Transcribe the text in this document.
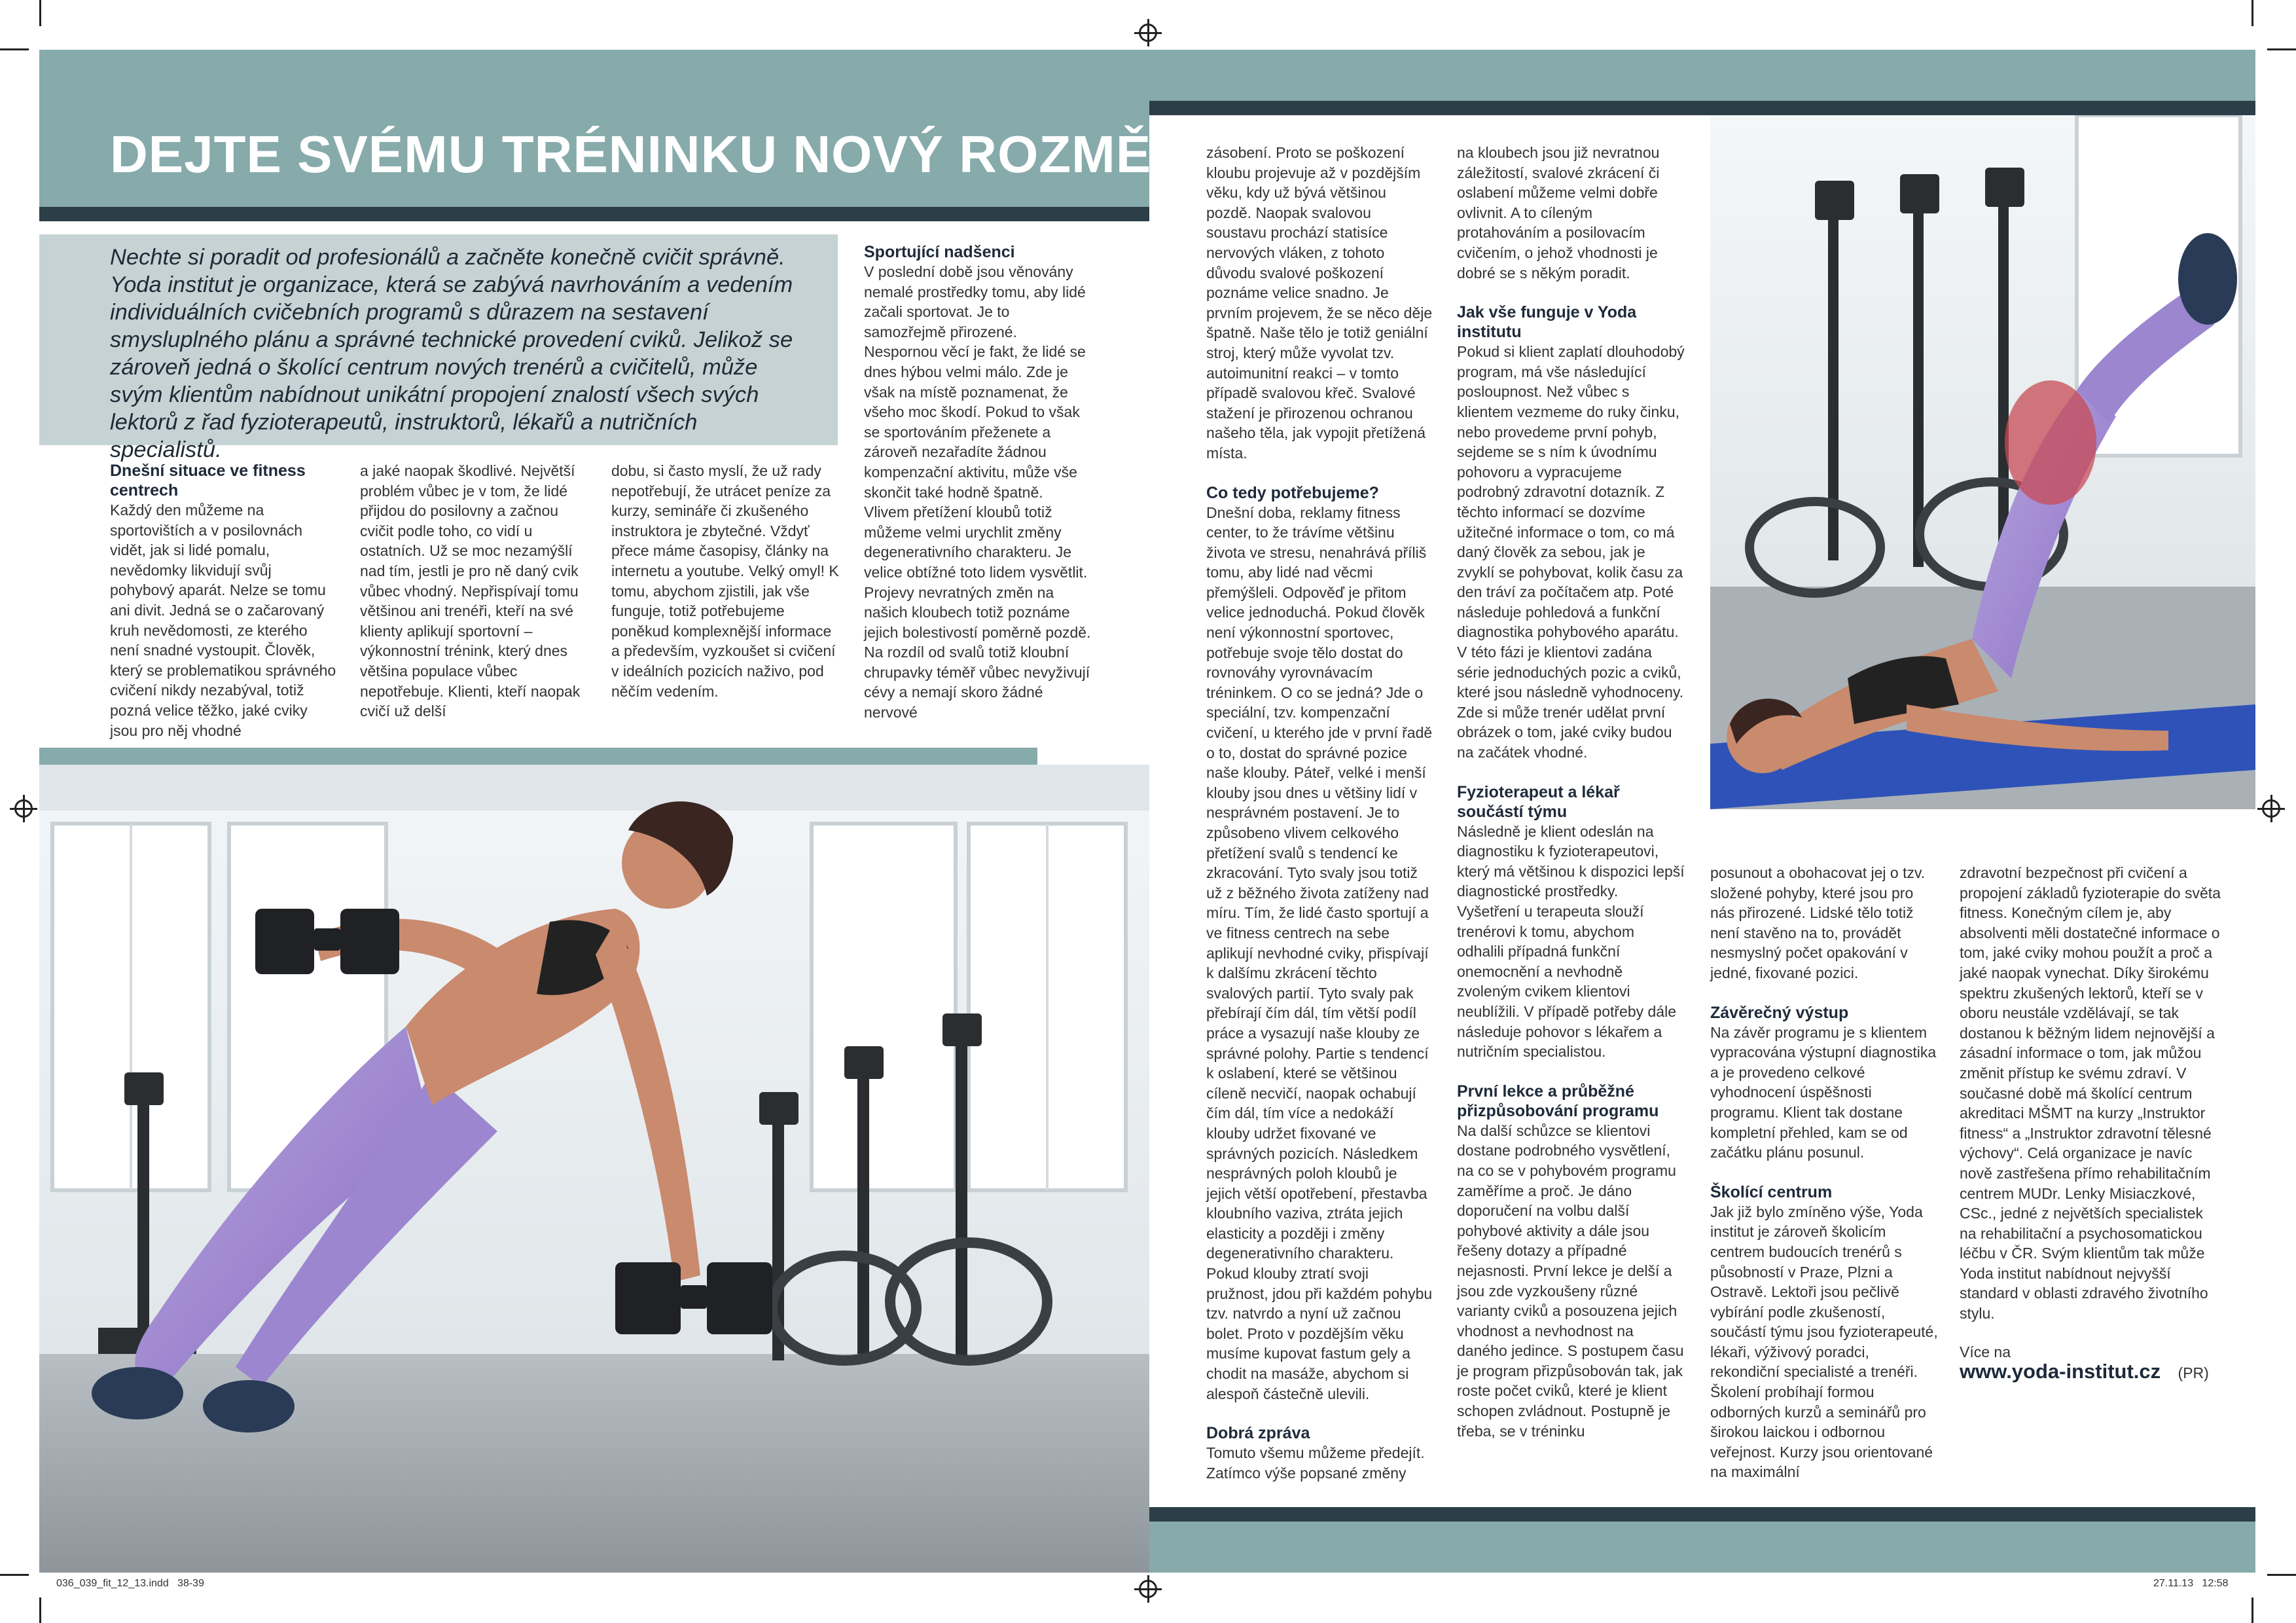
DEJTE SVÉMU TRÉNINKU NOVÝ ROZMĚR

Nechte si poradit od profesionálů a začněte konečně cvičit správně. Yoda institut je organizace, která se zabývá navrhováním a vedením individuálních cvičebních programů s důrazem na sestavení smysluplného plánu a správné technické provedení cviků. Jelikož se zároveň jedná o školící centrum nových trenérů a cvičitelů, může svým klientům nabídnout unikátní propojení znalostí všech svých lektorů z řad fyzioterapeutů, instruktorů, lékařů a nutričních specialistů.

Dnešní situace ve fitness centrech

Každý den můžeme na sportovištích a v posilovnách vidět, jak si lidé pomalu, nevědomky likvidují svůj pohybový aparát. Nelze se tomu ani divit. Jedná se o začarovaný kruh nevědomosti, ze kterého není snadné vystoupit. Člověk, který se problematikou správného cvičení nikdy nezabýval, totiž pozná velice těžko, jaké cviky jsou pro něj vhodné

a jaké naopak škodlivé. Největší problém vůbec je v tom, že lidé přijdou do posilovny a začnou cvičit podle toho, co vidí u ostatních. Už se moc nezamýšlí nad tím, jestli je pro ně daný cvik vůbec vhodný. Nepřispívají tomu většinou ani trenéři, kteří na své klienty aplikují sportovní – výkonnostní trénink, který dnes většina populace vůbec nepotřebuje. Klienti, kteří naopak cvičí už delší

dobu, si často myslí, že už rady nepotřebují, že utrácet peníze za kurzy, semináře či zkušeného instruktora je zbytečné. Vždyť přece máme časopisy, články na internetu a youtube. Velký omyl! K tomu, abychom zjistili, jak vše funguje, totiž potřebujeme poněkud komplexnější informace a především, vyzkoušet si cvičení v ideálních pozicích naživo, pod něčím vedením.

Sportující nadšenci

V poslední době jsou věnovány nemalé prostředky tomu, aby lidé začali sportovat. Je to samozřejmě přirozené. Nespornou věcí je fakt, že lidé se dnes hýbou velmi málo. Zde je však na místě poznamenat, že všeho moc škodí. Pokud to však se sportováním přeženete a zároveň nezařadíte žádnou kompenzační aktivitu, může vše skončit také hodně špatně. Vlivem přetížení kloubů totiž můžeme velmi urychlit změny degenerativního charakteru. Je velice obtížné toto lidem vysvětlit. Projevy nevratných změn na našich kloubech totiž poznáme jejich bolestivostí poměrně pozdě. Na rozdíl od svalů totiž kloubní chrupavky téměř vůbec nevyživují cévy a nemají skoro žádné nervové

zásobení. Proto se poškození kloubu projevuje až v pozdějším věku, kdy už bývá většinou pozdě. Naopak svalovou soustavu prochází statisíce nervových vláken, z tohoto důvodu svalové poškození poznáme velice snadno. Je prvním projevem, že se něco děje špatně. Naše tělo je totiž geniální stroj, který může vyvolat tzv. autoimunitní reakci – v tomto případě svalovou křeč. Svalové stažení je přirozenou ochranou našeho těla, jak vypojit přetížená místa.

Co tedy potřebujeme?

Dnešní doba, reklamy fitness center, to že trávíme většinu života ve stresu, nenahrává příliš tomu, aby lidé nad věcmi přemýšleli. Odpověď je přitom velice jednoduchá. Pokud člověk není výkonnostní sportovec, potřebuje svoje tělo dostat do rovnováhy vyrovnávacím tréninkem. O co se jedná? Jde o speciální, tzv. kompenzační cvičení, u kterého jde v první řadě o to, dostat do správné pozice naše klouby. Páteř, velké i menší klouby jsou dnes u většiny lidí v nesprávném postavení. Je to způsobeno vlivem celkového přetížení svalů s tendencí ke zkracování. Tyto svaly jsou totiž už z běžného života zatíženy nad míru. Tím, že lidé často sportují a ve fitness centrech na sebe aplikují nevhodné cviky, přispívají k dalšímu zkrácení těchto svalových partií. Tyto svaly pak přebírají čím dál, tím větší podíl práce a vysazují naše klouby ze správné polohy. Partie s tendencí k oslabení, které se většinou cíleně necvičí, naopak ochabují čím dál, tím více a nedokáží klouby udržet fixované ve správných pozicích. Následkem nesprávných poloh kloubů je jejich větší opotřebení, přestavba kloubního vaziva, ztráta jejich elasticity a později i změny degenerativního charakteru. Pokud klouby ztratí svoji pružnost, jdou při každém pohybu tzv. natvrdo a nyní už začnou bolet. Proto v pozdějším věku musíme kupovat fastum gely a chodit na masáže, abychom si alespoň částečně ulevili.

Dobrá zpráva

Tomuto všemu můžeme předejít. Zatímco výše popsané změny

na kloubech jsou již nevratnou záležitostí, svalové zkrácení či oslabení můžeme velmi dobře ovlivnit. A to cíleným protahováním a posilovacím cvičením, o jehož vhodnosti je dobré se s někým poradit.

Jak vše funguje v Yoda institutu

Pokud si klient zaplatí dlouhodobý program, má vše následující posloupnost. Než vůbec s klientem vezmeme do ruky činku, nebo provedeme první pohyb, sejdeme se s ním k úvodnímu pohovoru a vypracujeme podrobný zdravotní dotazník. Z těchto informací se dozvíme užitečné informace o tom, co má daný člověk za sebou, jak je zvyklí se pohybovat, kolik času za den tráví za počítačem atp. Poté následuje pohledová a funkční diagnostika pohybového aparátu. V této fázi je klientovi zadána série jednoduchých pozic a cviků, které jsou následně vyhodnoceny. Zde si může trenér udělat první obrázek o tom, jaké cviky budou na začátek vhodné.

Fyzioterapeut a lékař součástí týmu

Následně je klient odeslán na diagnostiku k fyzioterapeutovi, který má většinou k dispozici lepší diagnostické prostředky. Vyšetření u terapeuta slouží trenérovi k tomu, abychom odhalili případná funkční onemocnění a nevhodně zvoleným cvikem klientovi neublížili. V případě potřeby dále následuje pohovor s lékařem a nutričním specialistou.

První lekce a průběžné přizpůsobování programu

Na další schůzce se klientovi dostane podrobného vysvětlení, na co se v pohybovém programu zaměříme a proč. Je dáno doporučení na volbu další pohybové aktivity a dále jsou řešeny dotazy a případné nejasnosti. První lekce je delší a jsou zde vyzkoušeny různé varianty cviků a posouzena jejich vhodnost a nevhodnost na daného jedince. S postupem času je program přizpůsobován tak, jak roste počet cviků, které je klient schopen zvládnout. Postupně je třeba, se v tréninku

posunout a obohacovat jej o tzv. složené pohyby, které jsou pro nás přirozené. Lidské tělo totiž není stavěno na to, provádět nesmyslný počet opakování v jedné, fixované pozici.

Závěrečný výstup

Na závěr programu je s klientem vypracována výstupní diagnostika a je provedeno celkové vyhodnocení úspěšnosti programu. Klient tak dostane kompletní přehled, kam se od začátku plánu posunul.

Školící centrum

Jak již bylo zmíněno výše, Yoda institut je zároveň školicím centrem budoucích trenérů s působností v Praze, Plzni a Ostravě. Lektoři jsou pečlivě vybírání podle zkušeností, součástí týmu jsou fyzioterapeuté, lékaři, výživový poradci, rekondiční specialisté a trenéři. Školení probíhají formou odborných kurzů a seminářů pro širokou laickou i odbornou veřejnost. Kurzy jsou orientované na maximální

zdravotní bezpečnost při cvičení a propojení základů fyzioterapie do světa fitness. Konečným cílem je, aby absolventi měli dostatečné informace o tom, jaké cviky mohou použít a proč a jaké naopak vynechat. Díky širokému spektru zkušených lektorů, kteří se v oboru neustále vzdělávají, se tak dostanou k běžným lidem nejnovější a zásadní informace o tom, jak můžou změnit přístup ke svému zdraví. V současné době má školící centrum akreditaci MŠMT na kurzy „Instruktor fitness“ a „Instruktor zdravotní tělesné výchovy“. Celá organizace je navíc nově zastřešena přímo rehabilitačním centrem MUDr. Lenky Misiaczkové, CSc., jedné z největších specialistek na rehabilitační a psychosomatickou léčbu v ČR. Svým klientům tak může Yoda institut nabídnout nejvyšší standard v oblasti zdravého životního stylu.

Více na

www.yoda-institut.cz (PR)

036_039_fit_12_13.indd   38-39	27.11.13   12:58
